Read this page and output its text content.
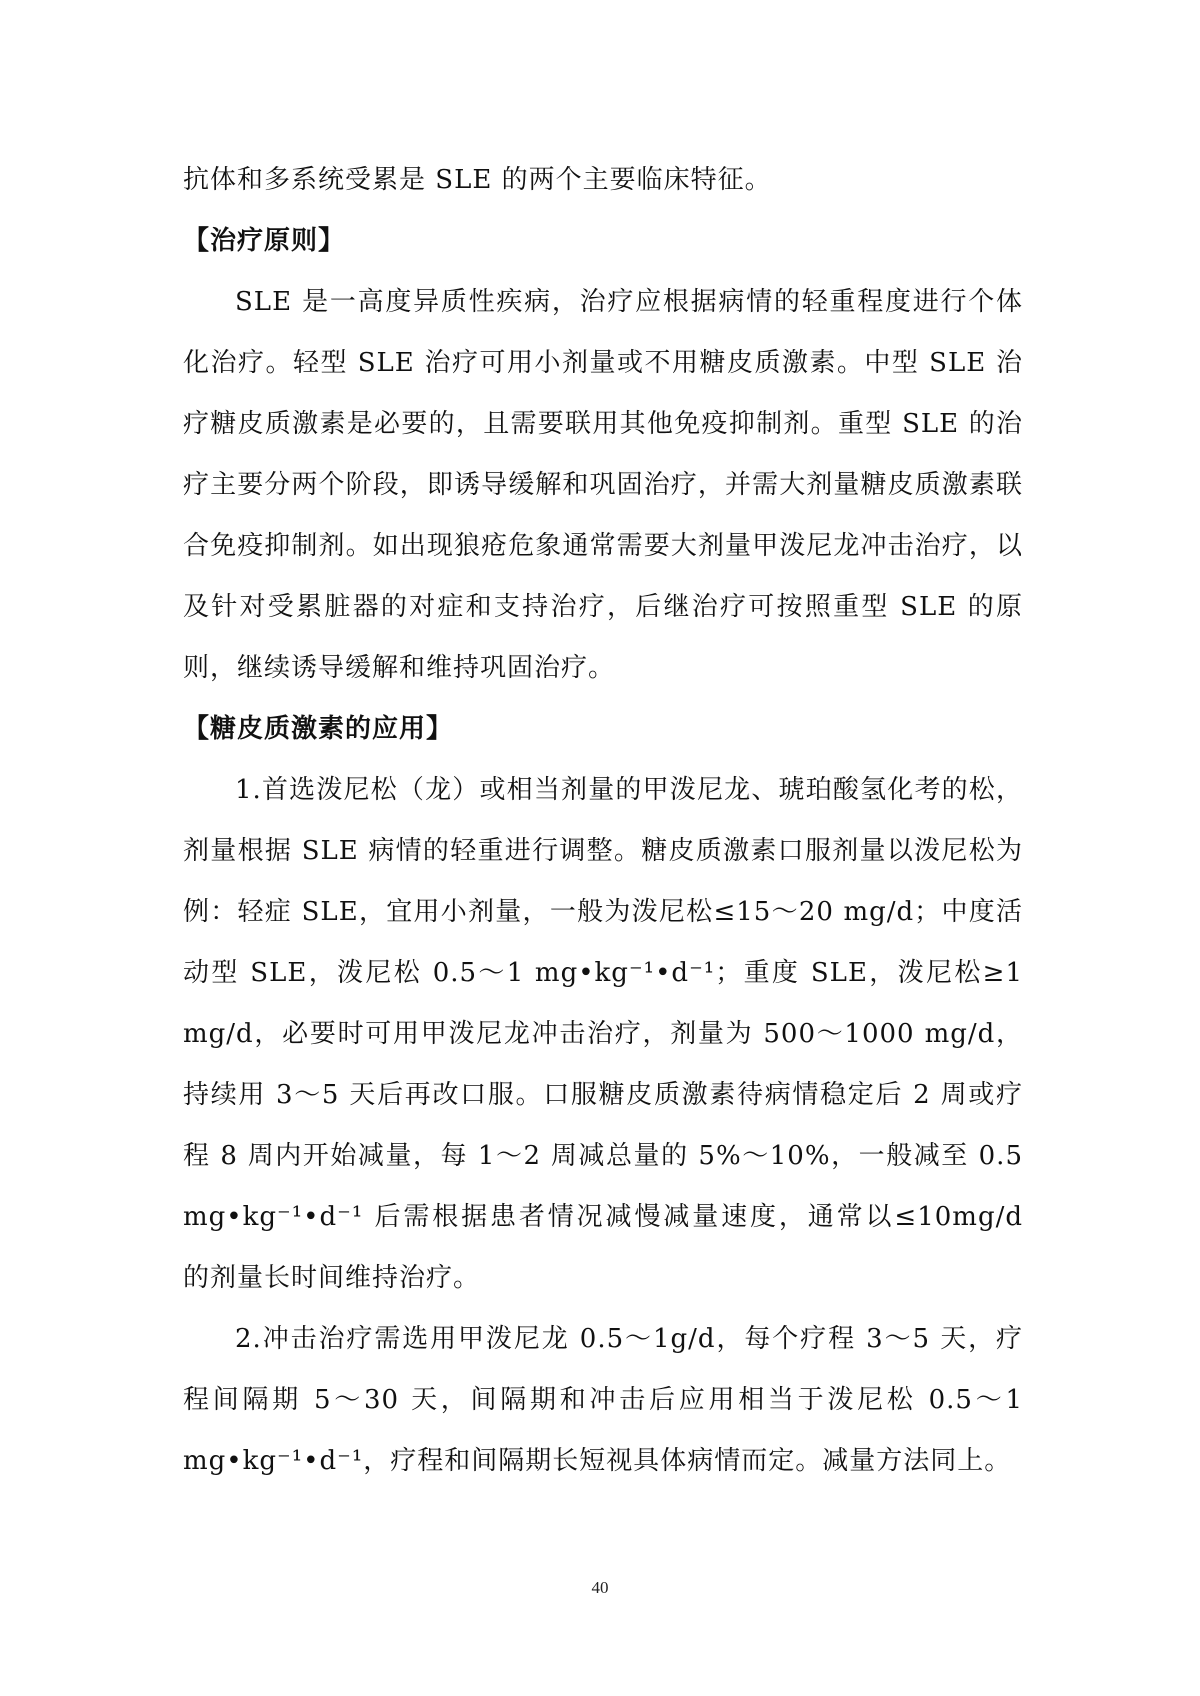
抗体和多系统受累是 SLE 的两个主要临床特征。

【治疗原则】

SLE 是一高度异质性疾病，治疗应根据病情的轻重程度进行个体化治疗。轻型 SLE 治疗可用小剂量或不用糖皮质激素。中型 SLE 治疗糖皮质激素是必要的，且需要联用其他免疫抑制剂。重型 SLE 的治疗主要分两个阶段，即诱导缓解和巩固治疗，并需大剂量糖皮质激素联合免疫抑制剂。如出现狼疮危象通常需要大剂量甲泼尼龙冲击治疗，以及针对受累脏器的对症和支持治疗，后继治疗可按照重型 SLE 的原则，继续诱导缓解和维持巩固治疗。

【糖皮质激素的应用】

1.首选泼尼松（龙）或相当剂量的甲泼尼龙、琥珀酸氢化考的松，剂量根据 SLE 病情的轻重进行调整。糖皮质激素口服剂量以泼尼松为例：轻症 SLE，宜用小剂量，一般为泼尼松≤15～20 mg/d；中度活动型 SLE，泼尼松 0.5～1 mg•kg⁻¹•d⁻¹；重度 SLE，泼尼松≥1 mg/d，必要时可用甲泼尼龙冲击治疗，剂量为 500～1000 mg/d，持续用 3～5 天后再改口服。口服糖皮质激素待病情稳定后 2 周或疗程 8 周内开始减量，每 1～2 周减总量的 5%～10%，一般减至 0.5 mg•kg⁻¹•d⁻¹ 后需根据患者情况减慢减量速度，通常以≤10mg/d 的剂量长时间维持治疗。

2.冲击治疗需选用甲泼尼龙 0.5～1g/d，每个疗程 3～5 天，疗程间隔期 5～30 天，间隔期和冲击后应用相当于泼尼松 0.5～1 mg•kg⁻¹•d⁻¹，疗程和间隔期长短视具体病情而定。减量方法同上。

40
